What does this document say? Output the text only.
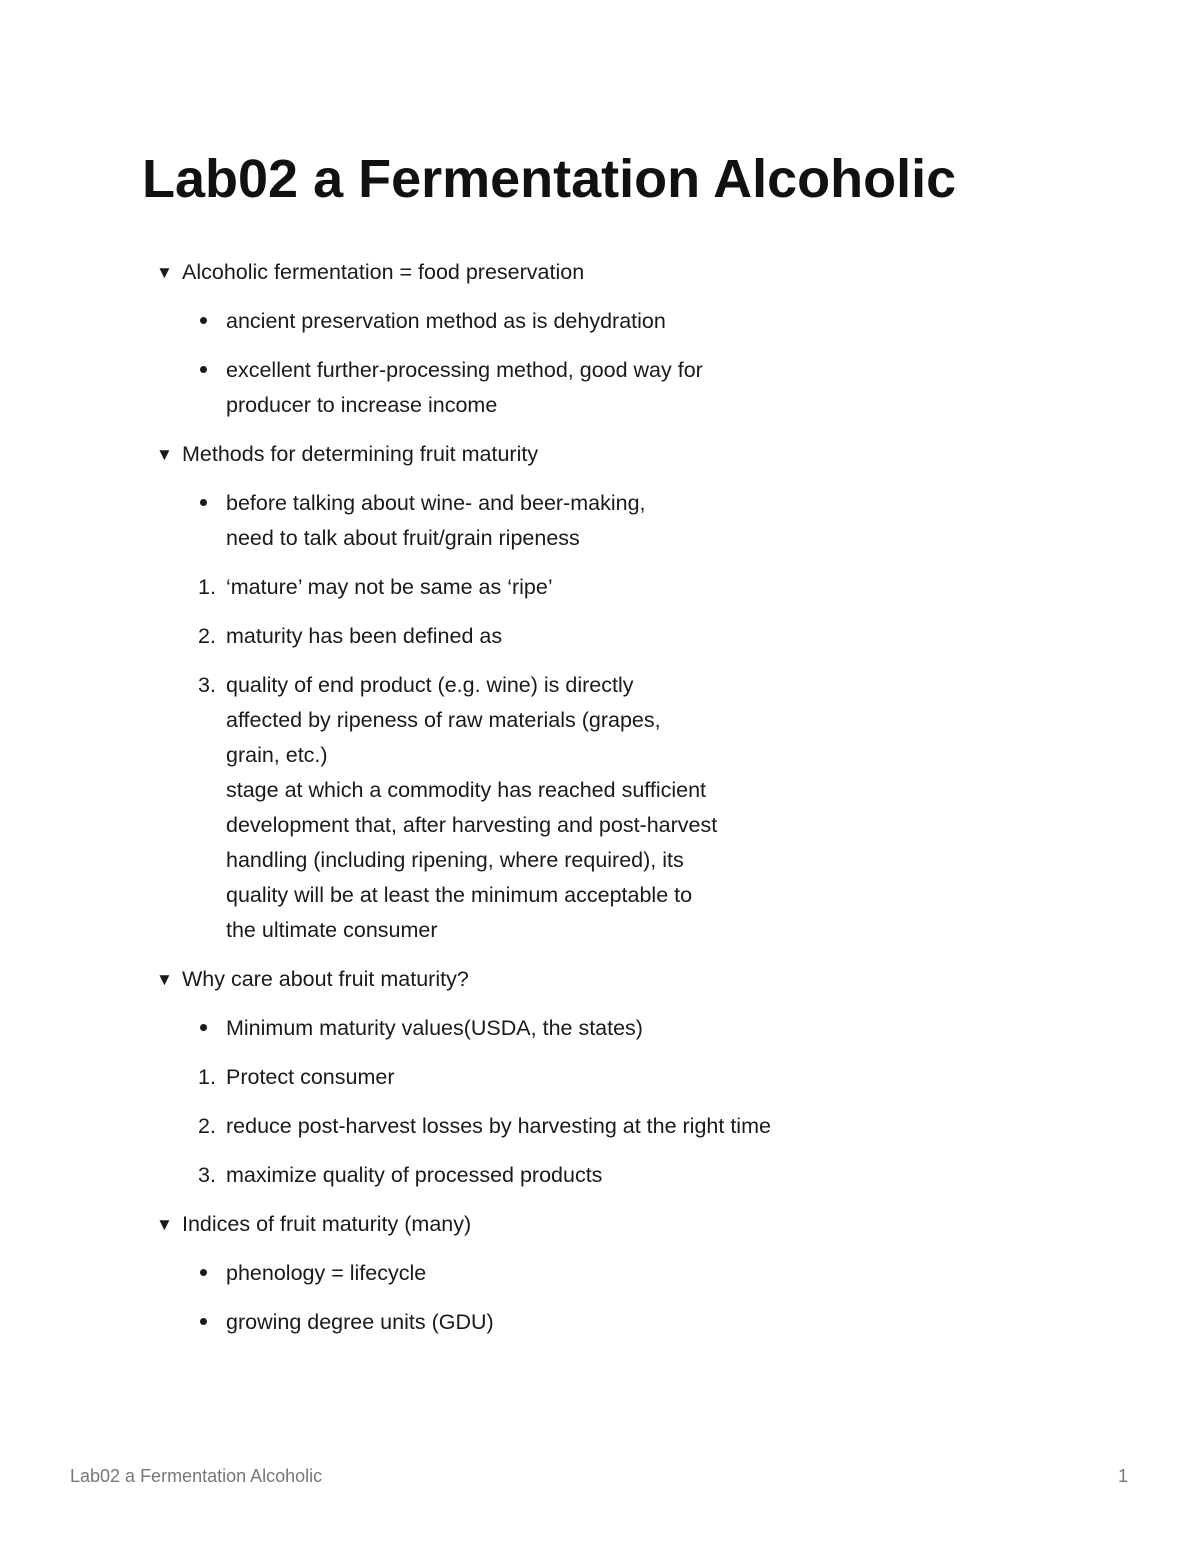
Lab02 a Fermentation Alcoholic
▼ Alcoholic fermentation = food preservation
ancient preservation method as is dehydration
excellent further-processing method, good way for
producer to increase income
▼ Methods for determining fruit maturity
before talking about wine- and beer-making,
need to talk about fruit/grain ripeness
1. ‘mature’ may not be same as ‘ripe’
2. maturity has been defined as
3. quality of end product (e.g. wine) is directly
affected by ripeness of raw materials (grapes,
grain, etc.)
stage at which a commodity has reached sufficient
development that, after harvesting and post-harvest
handling (including ripening, where required), its
quality will be at least the minimum acceptable to
the ultimate consumer
▼ Why care about fruit maturity?
Minimum maturity values(USDA, the states)
1. Protect consumer
2. reduce post-harvest losses by harvesting at the right time
3. maximize quality of processed products
▼ Indices of fruit maturity (many)
phenology = lifecycle
growing degree units (GDU)
Lab02 a Fermentation Alcoholic	1
